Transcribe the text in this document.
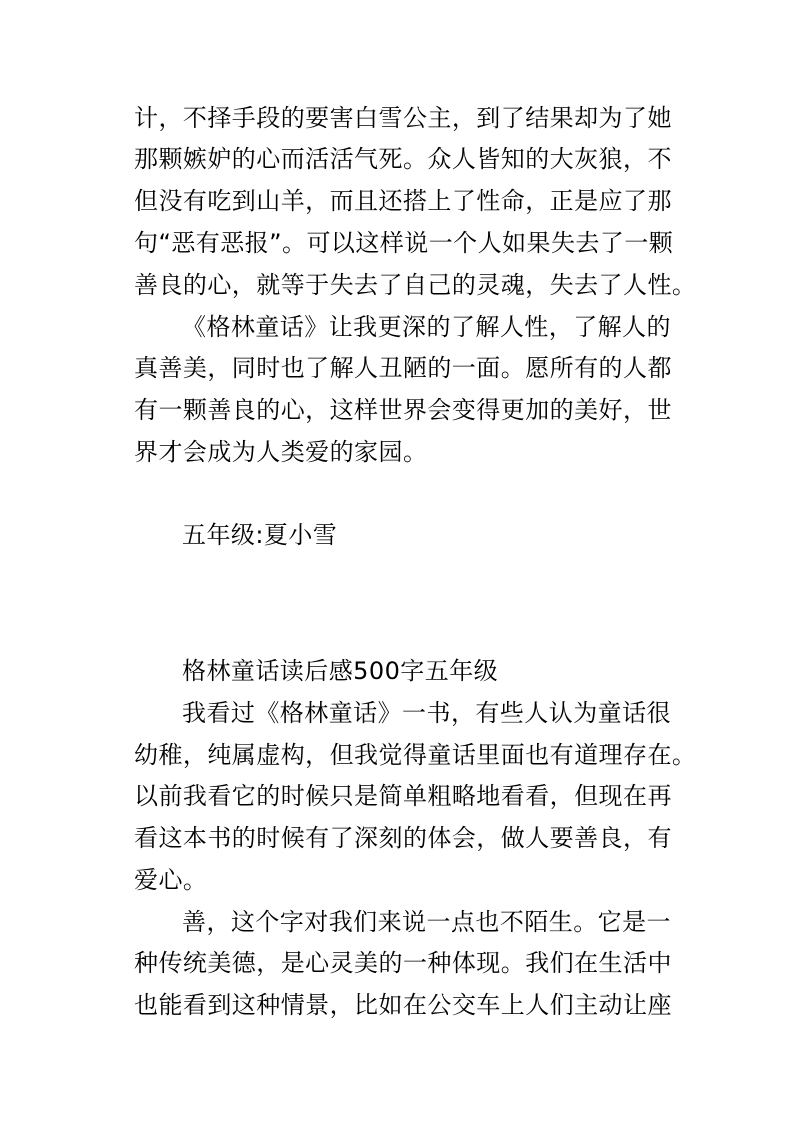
计，不择手段的要害白雪公主，到了结果却为了她
那颗嫉妒的心而活活气死。众人皆知的大灰狼，不
但没有吃到山羊，而且还搭上了性命，正是应了那
句“恶有恶报”。可以这样说一个人如果失去了一颗
善良的心，就等于失去了自己的灵魂，失去了人性。
《格林童话》让我更深的了解人性，了解人的
真善美，同时也了解人丑陋的一面。愿所有的人都
有一颗善良的心，这样世界会变得更加的美好，世
界才会成为人类爱的家园。
五年级:夏小雪
格林童话读后感500字五年级
我看过《格林童话》一书，有些人认为童话很
幼稚，纯属虚构，但我觉得童话里面也有道理存在。
以前我看它的时候只是简单粗略地看看，但现在再
看这本书的时候有了深刻的体会，做人要善良，有
爱心。
善，这个字对我们来说一点也不陌生。它是一
种传统美德，是心灵美的一种体现。我们在生活中
也能看到这种情景，比如在公交车上人们主动让座
